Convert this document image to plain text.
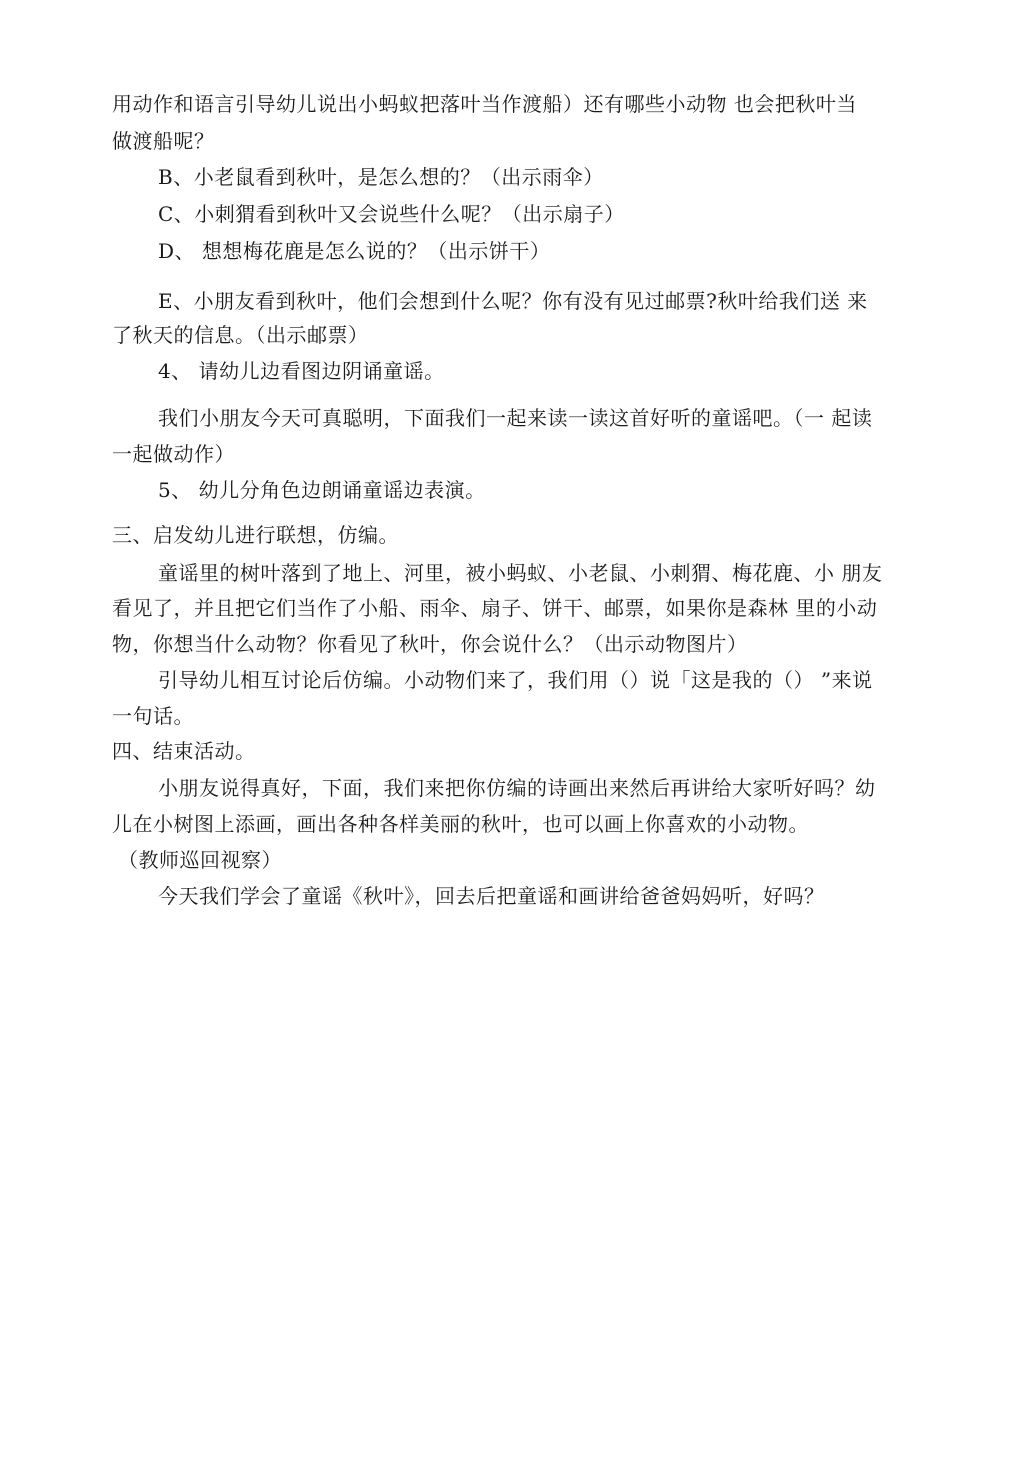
用动作和语言引导幼儿说出小蚂蚁把落叶当作渡船）还有哪些小动物 也会把秋叶当
做渡船呢？
B、小老鼠看到秋叶，是怎么想的？（出示雨伞）
C、小刺猬看到秋叶又会说些什么呢？（出示扇子）
D、 想想梅花鹿是怎么说的？（出示饼干）
E、小朋友看到秋叶，他们会想到什么呢？你有没有见过邮票?秋叶给我们送 来
了秋天的信息。（出示邮票）
4、 请幼儿边看图边阴诵童谣。
我们小朋友今天可真聪明，下面我们一起来读一读这首好听的童谣吧。（一 起读
一起做动作）
5、 幼儿分角色边朗诵童谣边表演。
三、启发幼儿进行联想，仿编。
童谣里的树叶落到了地上、河里，被小蚂蚁、小老鼠、小刺猬、梅花鹿、小 朋友
看见了，并且把它们当作了小船、雨伞、扇子、饼干、邮票，如果你是森林 里的小动
物，你想当什么动物？你看见了秋叶，你会说什么？（出示动物图片）
引导幼儿相互讨论后仿编。小动物们来了，我们用（）说「这是我的（） ”来说
一句话。
四、结束活动。
小朋友说得真好，下面，我们来把你仿编的诗画出来然后再讲给大家听好吗？幼
儿在小树图上添画，画出各种各样美丽的秋叶，也可以画上你喜欢的小动物。
（教师巡回视察）
今天我们学会了童谣《秋叶》，回去后把童谣和画讲给爸爸妈妈听，好吗？
